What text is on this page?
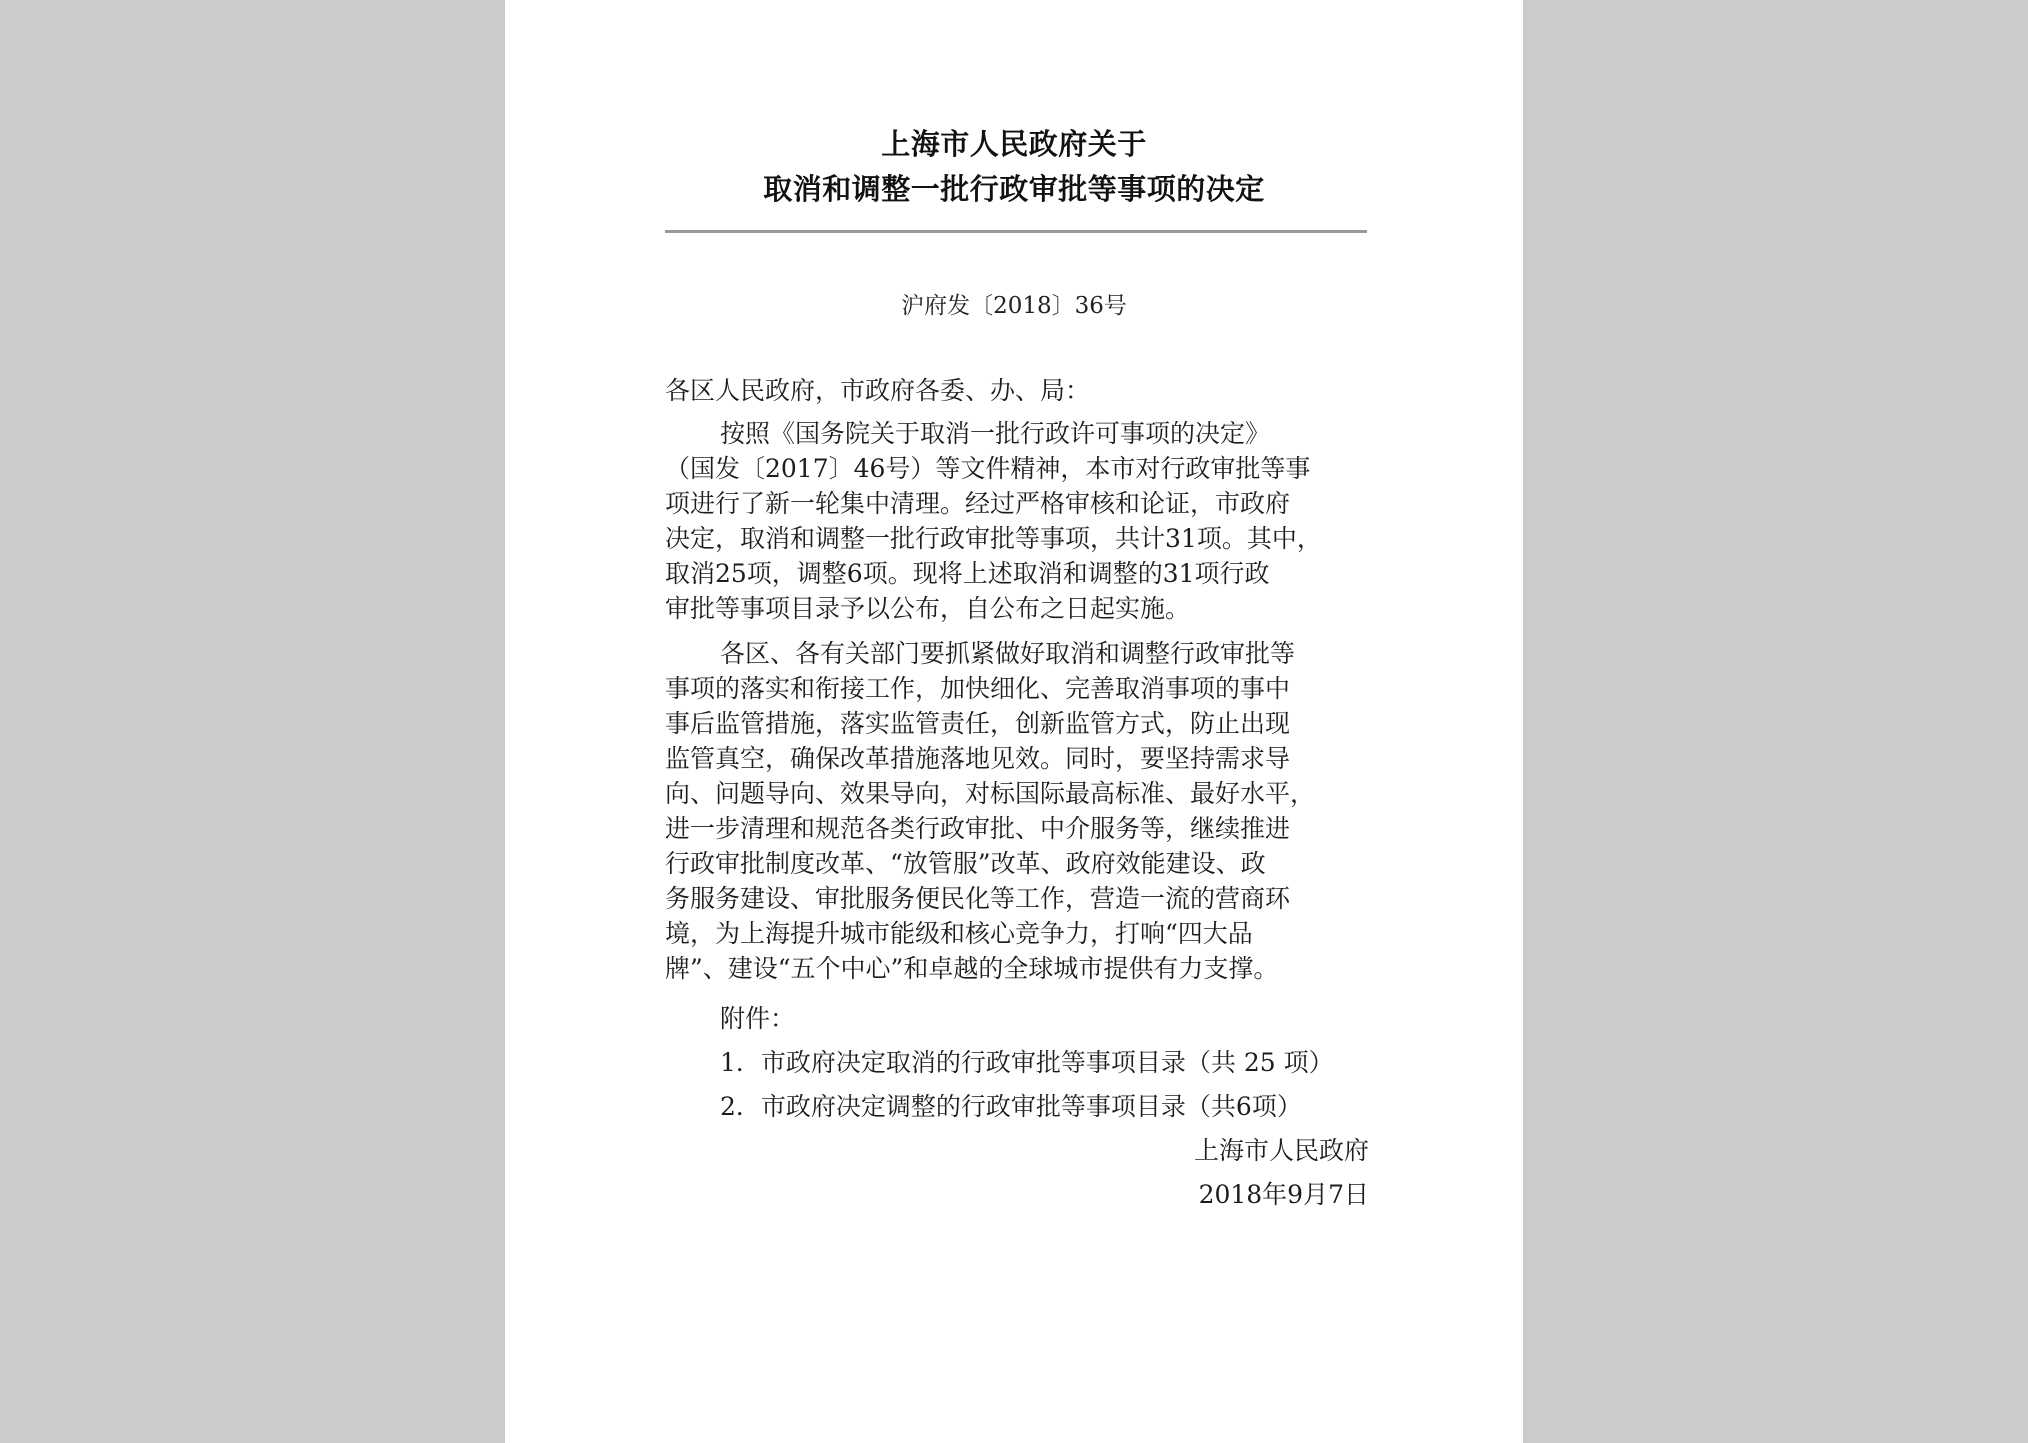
上海市人民政府关于
取消和调整一批行政审批等事项的决定
沪府发〔2018〕36号
各区人民政府，市政府各委、办、局：
按照《国务院关于取消一批行政许可事项的决定》
（国发〔2017〕46号）等文件精神，本市对行政审批等事
项进行了新一轮集中清理。经过严格审核和论证，市政府
决定，取消和调整一批行政审批等事项，共计31项。其中，
取消25项，调整6项。现将上述取消和调整的31项行政
审批等事项目录予以公布，自公布之日起实施。
各区、各有关部门要抓紧做好取消和调整行政审批等
事项的落实和衔接工作，加快细化、完善取消事项的事中
事后监管措施，落实监管责任，创新监管方式，防止出现
监管真空，确保改革措施落地见效。同时，要坚持需求导
向、问题导向、效果导向，对标国际最高标准、最好水平，
进一步清理和规范各类行政审批、中介服务等，继续推进
行政审批制度改革、“放管服”改革、政府效能建设、政
务服务建设、审批服务便民化等工作，营造一流的营商环
境，为上海提升城市能级和核心竞争力，打响“四大品
牌”、建设“五个中心”和卓越的全球城市提供有力支撑。
附件：
1．市政府决定取消的行政审批等事项目录（共 25 项）
2．市政府决定调整的行政审批等事项目录（共6项）
上海市人民政府
2018年9月7日
